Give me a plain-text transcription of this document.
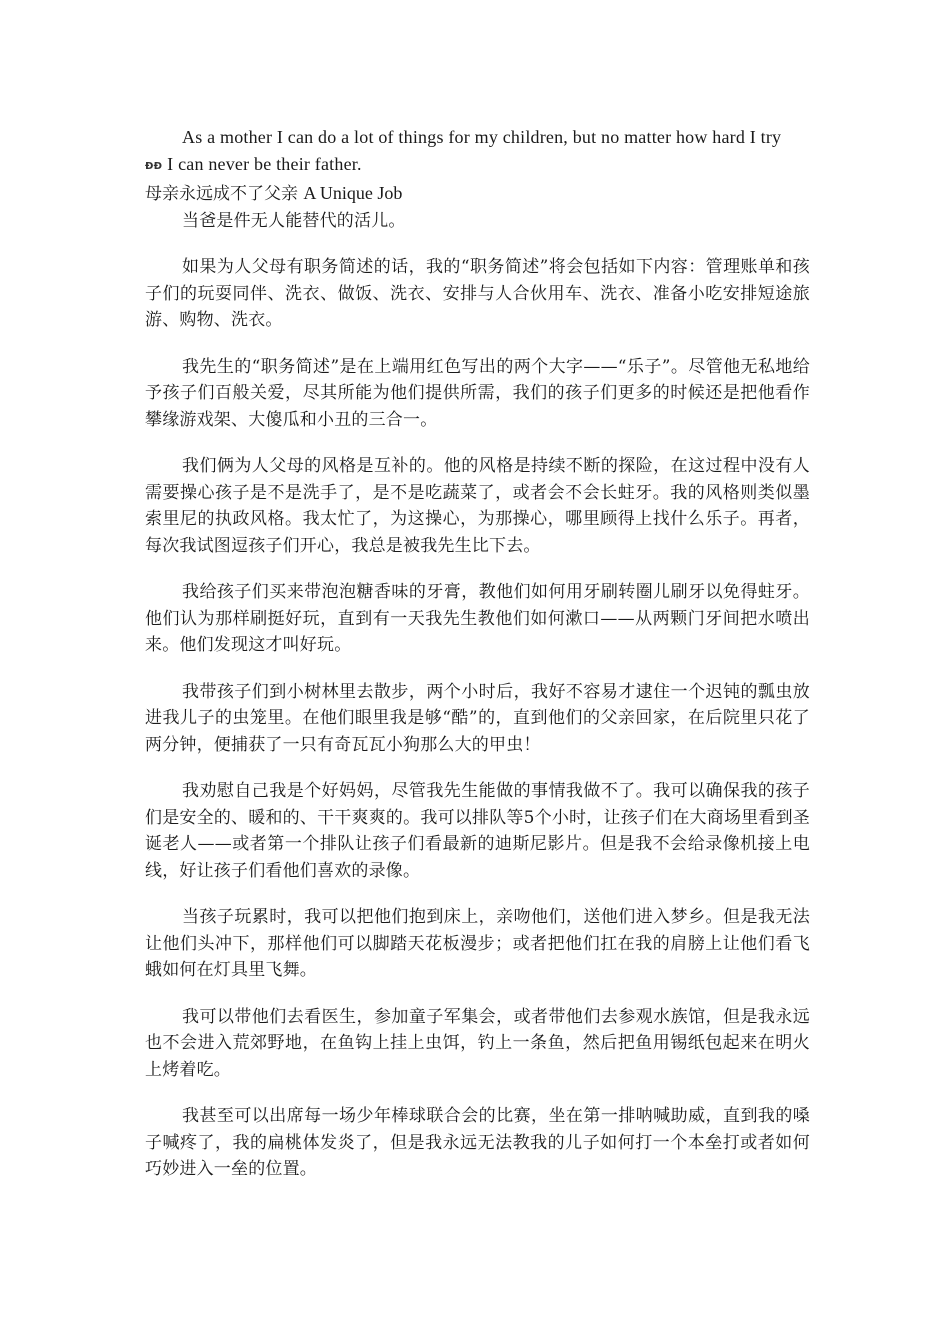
As a mother I can do a lot of things for my children, but no matter how hard I try
ÐÐ I can never be their father.

母亲永远成不了父亲 A Unique Job

当爸是件无人能替代的活儿。

如果为人父母有职务简述的话，我的“职务简述”将会包括如下内容：管理账单和孩子们的玩耍同伴、洗衣、做饭、洗衣、安排与人合伙用车、洗衣、准备小吃安排短途旅游、购物、洗衣。

我先生的“职务简述”是在上端用红色写出的两个大字——“乐子”。尽管他无私地给予孩子们百般关爱，尽其所能为他们提供所需，我们的孩子们更多的时候还是把他看作攀缘游戏架、大傻瓜和小丑的三合一。

我们俩为人父母的风格是互补的。他的风格是持续不断的探险，在这过程中没有人需要操心孩子是不是洗手了，是不是吃蔬菜了，或者会不会长蛀牙。我的风格则类似墨索里尼的执政风格。我太忙了，为这操心，为那操心，哪里顾得上找什么乐子。再者，每次我试图逗孩子们开心，我总是被我先生比下去。

我给孩子们买来带泡泡糖香味的牙膏，教他们如何用牙刷转圈儿刷牙以免得蛀牙。他们认为那样刷挺好玩，直到有一天我先生教他们如何漱口——从两颗门牙间把水喷出来。他们发现这才叫好玩。

我带孩子们到小树林里去散步，两个小时后，我好不容易才逮住一个迟钝的瓢虫放进我儿子的虫笼里。在他们眼里我是够“酷”的，直到他们的父亲回家，在后院里只花了两分钟，便捕获了一只有奇瓦瓦小狗那么大的甲虫！

我劝慰自己我是个好妈妈，尽管我先生能做的事情我做不了。我可以确保我的孩子们是安全的、暖和的、干干爽爽的。我可以排队等5个小时，让孩子们在大商场里看到圣诞老人——或者第一个排队让孩子们看最新的迪斯尼影片。但是我不会给录像机接上电线，好让孩子们看他们喜欢的录像。

当孩子玩累时，我可以把他们抱到床上，亲吻他们，送他们进入梦乡。但是我无法让他们头冲下，那样他们可以脚踏天花板漫步；或者把他们扛在我的肩膀上让他们看飞蛾如何在灯具里飞舞。

我可以带他们去看医生，参加童子军集会，或者带他们去参观水族馆，但是我永远也不会进入荒郊野地，在鱼钩上挂上虫饵，钓上一条鱼，然后把鱼用锡纸包起来在明火上烤着吃。

我甚至可以出席每一场少年棒球联合会的比赛，坐在第一排呐喊助威，直到我的嗓子喊疼了，我的扁桃体发炎了，但是我永远无法教我的儿子如何打一个本垒打或者如何巧妙进入一垒的位置。
